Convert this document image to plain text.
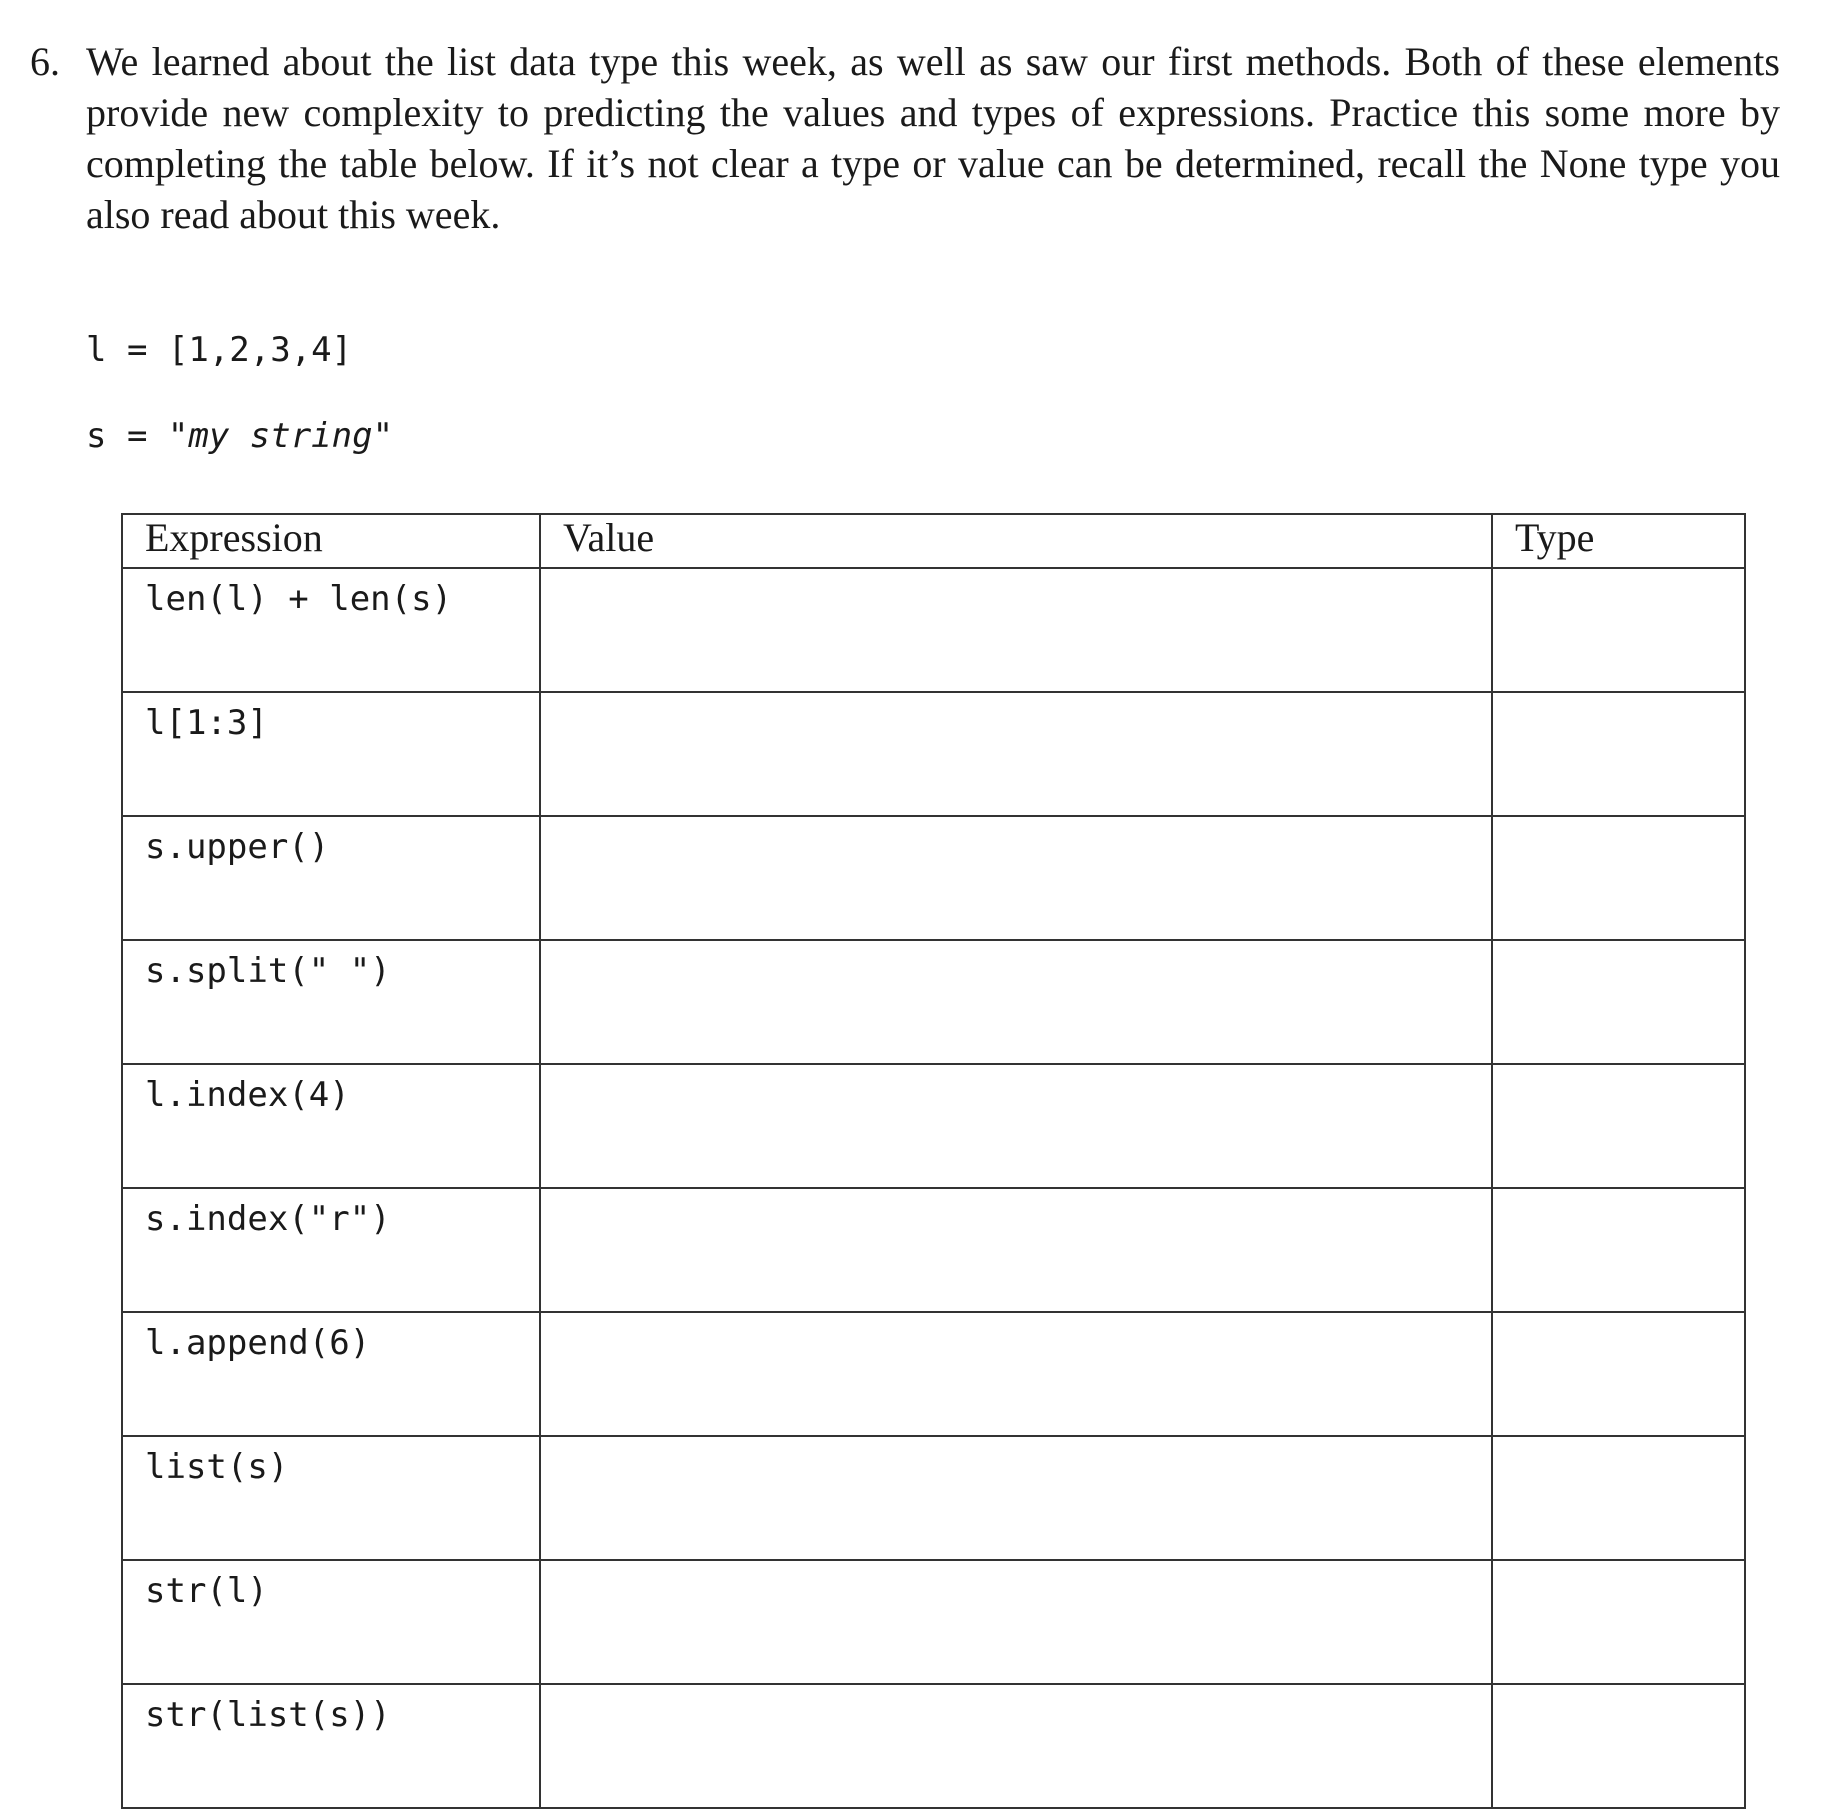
6. We learned about the list data type this week, as well as saw our first methods. Both of these elements provide new complexity to predicting the values and types of expressions. Practice this some more by completing the table below. If it’s not clear a type or value can be determined, recall the None type you also read about this week.
l = [1,2,3,4]
s = "my string"
Expression	Value	Type
len(l) + len(s)		
l[1:3]		
s.upper()		
s.split(" ")		
l.index(4)		
s.index("r")		
l.append(6)		
list(s)		
str(l)		
str(list(s))		
